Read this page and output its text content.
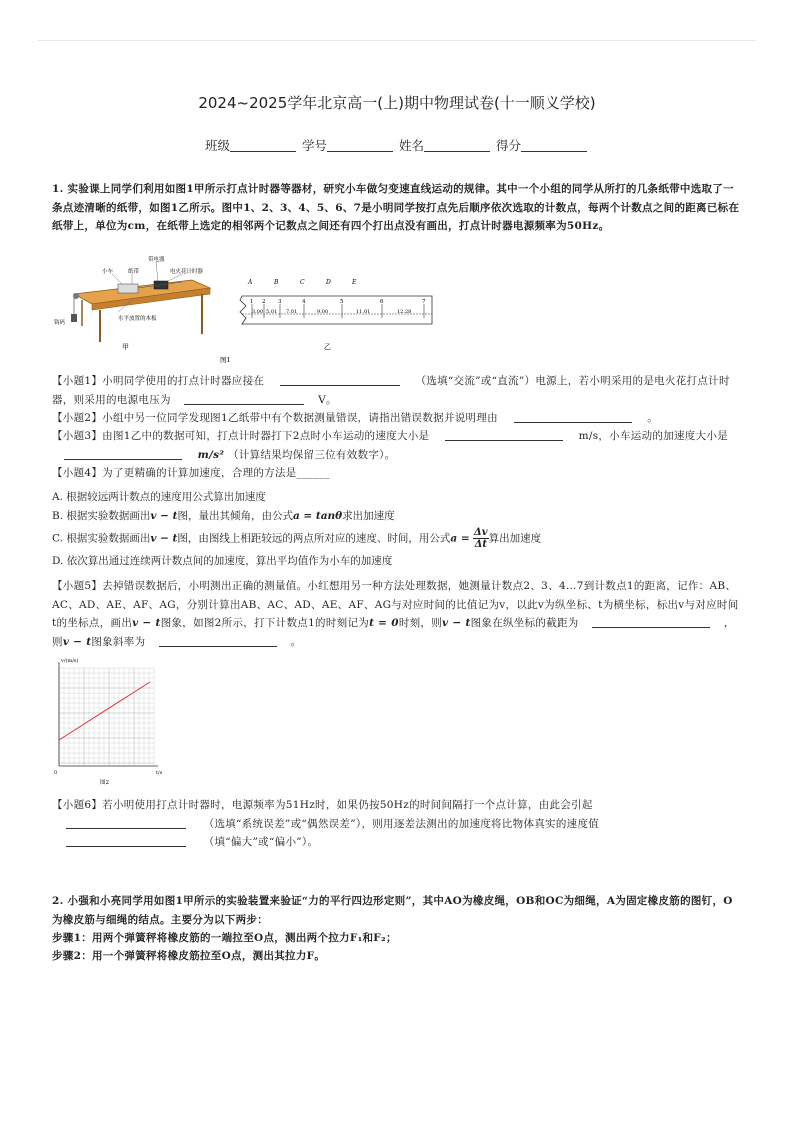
2024~2025学年北京高一(上)期中物理试卷(十一顺义学校)
班级	学号	姓名	得分
1. 实验课上同学们利用如图1甲所示打点计时器等器材，研究小车做匀变速直线运动的规律。其中一个小组的同学从所打的几条纸带中选取了一条点迹清晰的纸带，如图1乙所示。图中1、2、3、4、5、6、7是小明同学按打点先后顺序依次选取的计数点，每两个计数点之间的距离已标在纸带上，单位为cm，在纸带上选定的相邻两个记数点之间还有四个打出点没有画出，打点计时器电源频率为50Hz。
小车	纸带
带电器
电火花计时器
钩码
水平放置的木板
甲
A	B	C	D	E
1 2 3	4	5	6	7
3.00 5.01 7.01	9.00	11.01	12.28
乙
图1
【小题1】小明同学使用的打点计时器应接在	（选填“交流”或“直流”）电源上，若小明采用的是电火花打点计时器，则采用的电源电压为	V。
【小题2】小组中另一位同学发现图1乙纸带中有个数据测量错误，请指出错误数据并说明理由	。
【小题3】由图1乙中的数据可知，打点计时器打下2点时小车运动的速度大小是	m/s，小车运动的加速度大小是  m/s² （计算结果均保留三位有效数字）。
【小题4】为了更精确的计算加速度，合理的方法是______
A. 根据较远两计数点的速度用公式算出加速度
B. 根据实验数据画出v − t图，量出其倾角，由公式a = tanθ求出加速度
C. 根据实验数据画出v − t图，由图线上相距较远的两点所对应的速度、时间，用公式$a = \frac{\Delta v}{\Delta t}$ 算出加速度
D. 依次算出通过连续两计数点间的加速度，算出平均值作为小车的加速度
【小题5】去掉错误数据后，小明测出正确的测量值。小红想用另一种方法处理数据，她测量计数点2、3、4…7到计数点1的距离，记作：AB、AC、AD、AE、AF、AG，分别计算出AB、AC、AD、AE、AF、AG与对应时间的比值记为v，以此v为纵坐标、t为横坐标，标出v与对应时间t的坐标点，画出v − t图象，如图2所示，打下计数点1的时刻记为t = 0时刻，则v − t图象在纵坐标的截距为	，则v − t图象斜率为	。
v/(m/s)
t/s
0
图2
【小题6】若小明使用打点计时器时，电源频率为51Hz时，如果仍按50Hz的时间间隔打一个点计算，由此会引起  （选填“系统误差”或“偶然误差”），则用逐差法测出的加速度将比物体真实的速度值  （填“偏大”或“偏小”）。
2. 小强和小亮同学用如图1甲所示的实验装置来验证“力的平行四边形定则”，其中AO为橡皮绳，OB和OC为细绳，A为固定橡皮筋的图钉，O为橡皮筋与细绳的结点。主要分为以下两步：
步骤1：用两个弹簧秤将橡皮筋的一端拉至O点，测出两个拉力F₁和F₂；
步骤2：用一个弹簧秤将橡皮筋拉至O点，测出其拉力F。
